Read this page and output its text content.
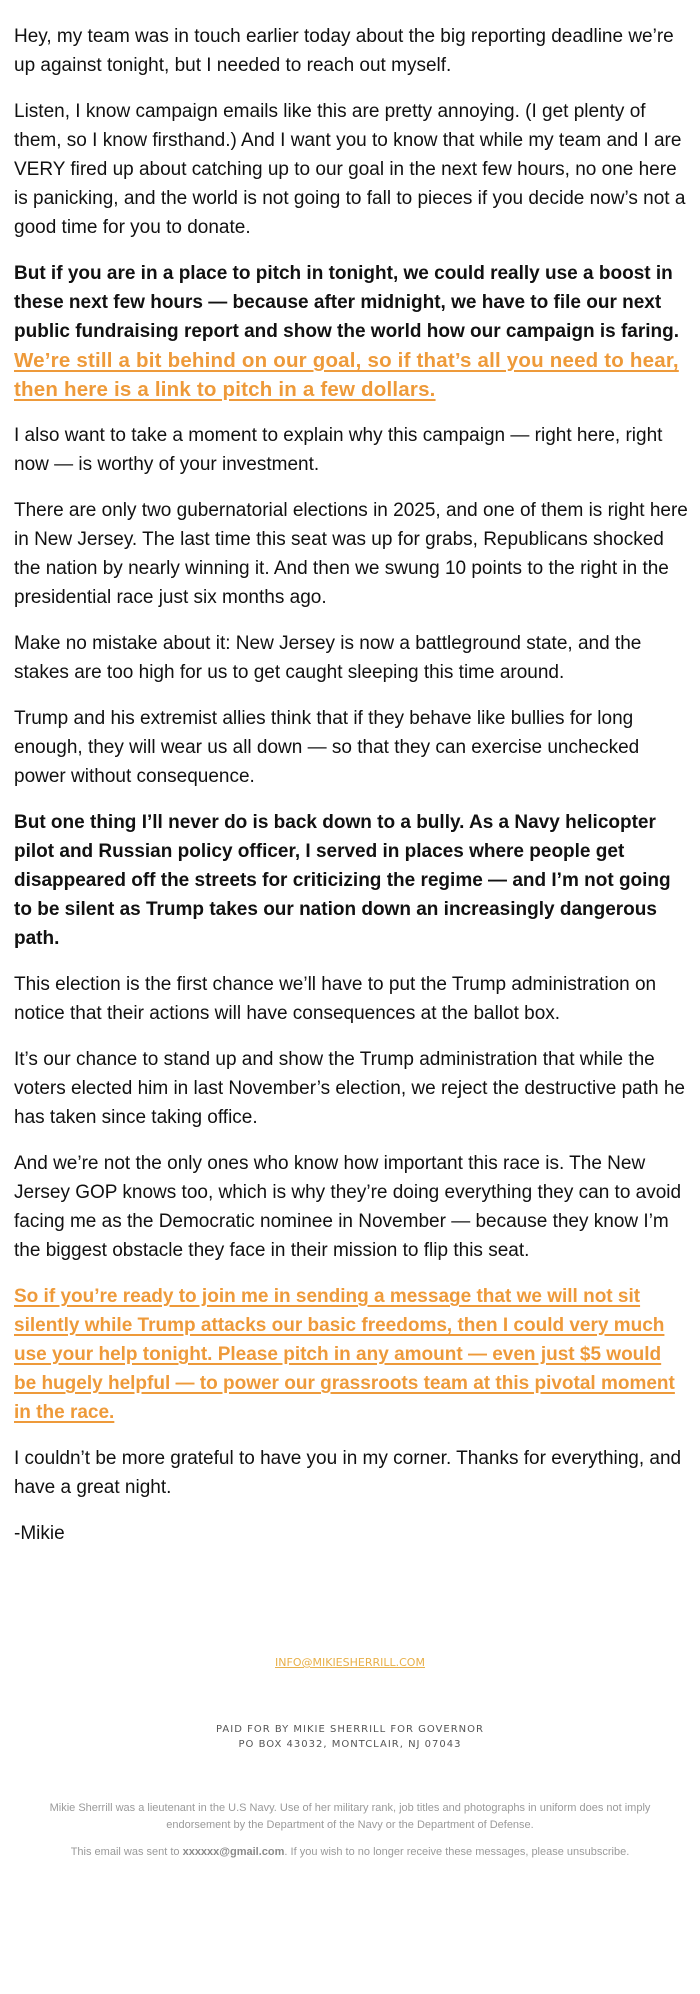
Hey, my team was in touch earlier today about the big reporting deadline we’re up against tonight, but I needed to reach out myself.

Listen, I know campaign emails like this are pretty annoying. (I get plenty of them, so I know firsthand.) And I want you to know that while my team and I are VERY fired up about catching up to our goal in the next few hours, no one here is panicking, and the world is not going to fall to pieces if you decide now’s not a good time for you to donate.

But if you are in a place to pitch in tonight, we could really use a boost in these next few hours — because after midnight, we have to file our next public fundraising report and show the world how our campaign is faring.

We’re still a bit behind on our goal, so if that’s all you need to hear, then here is a link to pitch in a few dollars.

I also want to take a moment to explain why this campaign — right here, right now — is worthy of your investment.

There are only two gubernatorial elections in 2025, and one of them is right here in New Jersey. The last time this seat was up for grabs, Republicans shocked the nation by nearly winning it. And then we swung 10 points to the right in the presidential race just six months ago.

Make no mistake about it: New Jersey is now a battleground state, and the stakes are too high for us to get caught sleeping this time around.

Trump and his extremist allies think that if they behave like bullies for long enough, they will wear us all down — so that they can exercise unchecked power without consequence.

But one thing I’ll never do is back down to a bully. As a Navy helicopter pilot and Russian policy officer, I served in places where people get disappeared off the streets for criticizing the regime — and I’m not going to be silent as Trump takes our nation down an increasingly dangerous path.

This election is the first chance we’ll have to put the Trump administration on notice that their actions will have consequences at the ballot box.

It’s our chance to stand up and show the Trump administration that while the voters elected him in last November’s election, we reject the destructive path he has taken since taking office.

And we’re not the only ones who know how important this race is. The New Jersey GOP knows too, which is why they’re doing everything they can to avoid facing me as the Democratic nominee in November — because they know I’m the biggest obstacle they face in their mission to flip this seat.

So if you’re ready to join me in sending a message that we will not sit silently while Trump attacks our basic freedoms, then I could very much use your help tonight. Please pitch in any amount — even just $5 would be hugely helpful — to power our grassroots team at this pivotal moment in the race.

I couldn’t be more grateful to have you in my corner. Thanks for everything, and have a great night.

-Mikie

INFO@MIKIESHERRILL.COM
PAID FOR BY MIKIE SHERRILL FOR GOVERNOR
PO BOX 43032, MONTCLAIR, NJ 07043
Mikie Sherrill was a lieutenant in the U.S Navy. Use of her military rank, job titles and photographs in uniform does not imply endorsement by the Department of the Navy or the Department of Defense.
This email was sent to xxxxxx@gmail.com. If you wish to no longer receive these messages, please unsubscribe.
